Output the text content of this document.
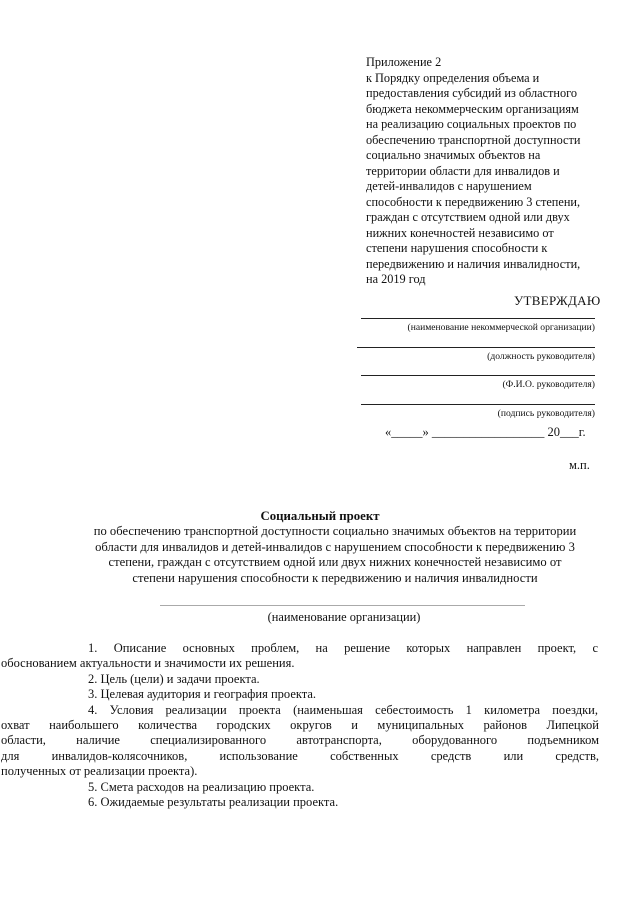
Приложение 2
к Порядку определения объема и
предоставления субсидий из областного
бюджета некоммерческим организациям
на реализацию социальных проектов по
обеспечению транспортной доступности
социально значимых объектов на
территории области для инвалидов и
детей-инвалидов с нарушением
способности к передвижению 3 степени,
граждан с отсутствием одной или двух
нижних конечностей независимо от
степени нарушения способности к
передвижению и наличия инвалидности,
на 2019 год
УТВЕРЖДАЮ
(наименование некоммерческой организации)
(должность руководителя)
(Ф.И.О. руководителя)
(подпись руководителя)
«_____» __________________ 20___г.
м.п.
Социальный проект
по обеспечению транспортной доступности социально значимых объектов на территории
области для инвалидов и детей-инвалидов с нарушением способности к передвижению 3
степени, граждан с отсутствием одной или двух нижних конечностей независимо от
степени нарушения способности к передвижению и наличия инвалидности
(наименование организации)
1. Описание основных проблем, на решение которых направлен проект, с
обоснованием актуальности и значимости их решения.
2. Цель (цели) и задачи проекта.
3. Целевая аудитория и география проекта.
4. Условия реализации проекта (наименьшая себестоимость 1 километра поездки,
охват наибольшего количества городских округов и муниципальных районов Липецкой
области, наличие специализированного автотранспорта, оборудованного подъемником
для инвалидов-колясочников, использование собственных средств или средств,
полученных от реализации проекта).
5. Смета расходов на реализацию проекта.
6. Ожидаемые результаты реализации проекта.
